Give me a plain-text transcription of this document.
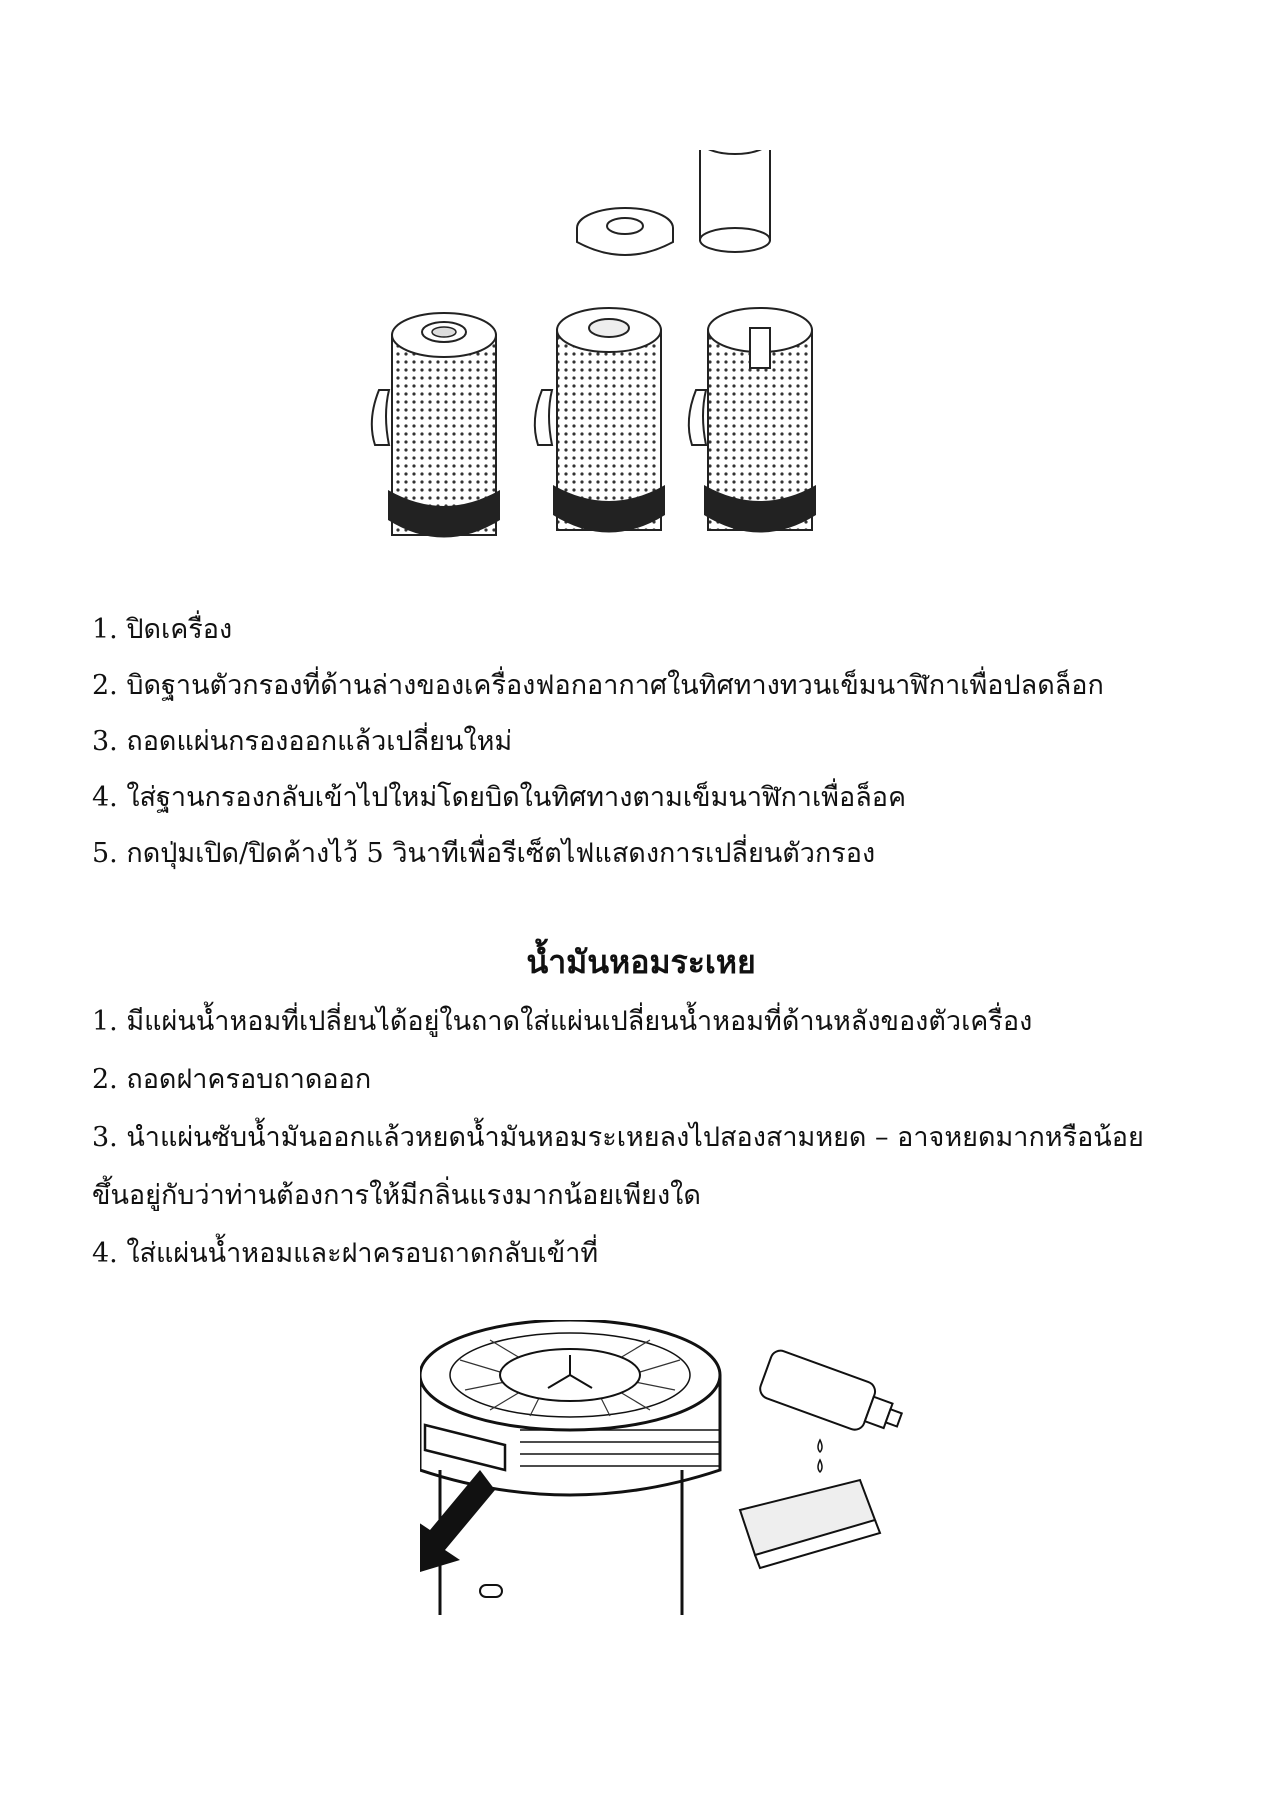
1. ปิดเครื่อง
2. บิดฐานตัวกรองที่ด้านล่างของเครื่องฟอกอากาศในทิศทางทวนเข็มนาฬิกาเพื่อปลดล็อก
3. ถอดแผ่นกรองออกแล้วเปลี่ยนใหม่
4. ใส่ฐานกรองกลับเข้าไปใหม่โดยบิดในทิศทางตามเข็มนาฬิกาเพื่อล็อค
5. กดปุ่มเปิด/ปิดค้างไว้ 5 วินาทีเพื่อรีเซ็ตไฟแสดงการเปลี่ยนตัวกรอง
น้ำมันหอมระเหย
1. มีแผ่นน้ำหอมที่เปลี่ยนได้อยู่ในถาดใส่แผ่นเปลี่ยนน้ำหอมที่ด้านหลังของตัวเครื่อง
2. ถอดฝาครอบถาดออก
3. นำแผ่นซับน้ำมันออกแล้วหยดน้ำมันหอมระเหยลงไปสองสามหยด – อาจหยดมากหรือน้อย
ขึ้นอยู่กับว่าท่านต้องการให้มีกลิ่นแรงมากน้อยเพียงใด
4. ใส่แผ่นน้ำหอมและฝาครอบถาดกลับเข้าที่
